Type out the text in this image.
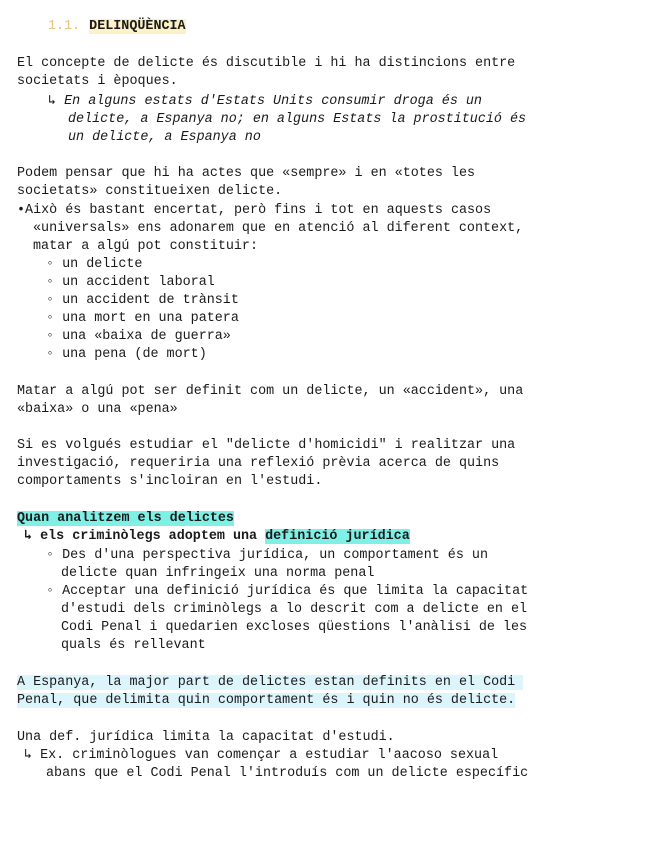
1.1. DELINQÜÈNCIA
El concepte de delicte és discutible i hi ha distincions entre
societats i èpoques.
↳ En alguns estats d'Estats Units consumir droga és un
delicte, a Espanya no; en alguns Estats la prostitució és
un delicte, a Espanya no
Podem pensar que hi ha actes que «sempre» i en «totes les
societats» constitueixen delicte.
•Això és bastant encertat, però fins i tot en aquests casos
«universals» ens adonarem que en atenció al diferent context,
matar a algú pot constituir:
◦ un delicte
◦ un accident laboral
◦ un accident de trànsit
◦ una mort en una patera
◦ una «baixa de guerra»
◦ una pena (de mort)
Matar a algú pot ser definit com un delicte, un «accident», una
«baixa» o una «pena»
Si es volgués estudiar el "delicte d'homicidi" i realitzar una
investigació, requeriria una reflexió prèvia acerca de quins
comportaments s'incloiran en l'estudi.
Quan analitzem els delictes
↳ els criminòlegs adoptem una definició jurídica
◦ Des d'una perspectiva jurídica, un comportament és un
delicte quan infringeix una norma penal
◦ Acceptar una definició jurídica és que limita la capacitat
d'estudi dels criminòlegs a lo descrit com a delicte en el
Codi Penal i quedarien excloses qüestions l'anàlisi de les
quals és rellevant
A Espanya, la major part de delictes estan definits en el Codi
Penal, que delimita quin comportament és i quin no és delicte.
Una def. jurídica limita la capacitat d'estudi.
↳ Ex. criminòlogues van començar a estudiar l'aacoso sexual
abans que el Codi Penal l'introduís com un delicte específic
